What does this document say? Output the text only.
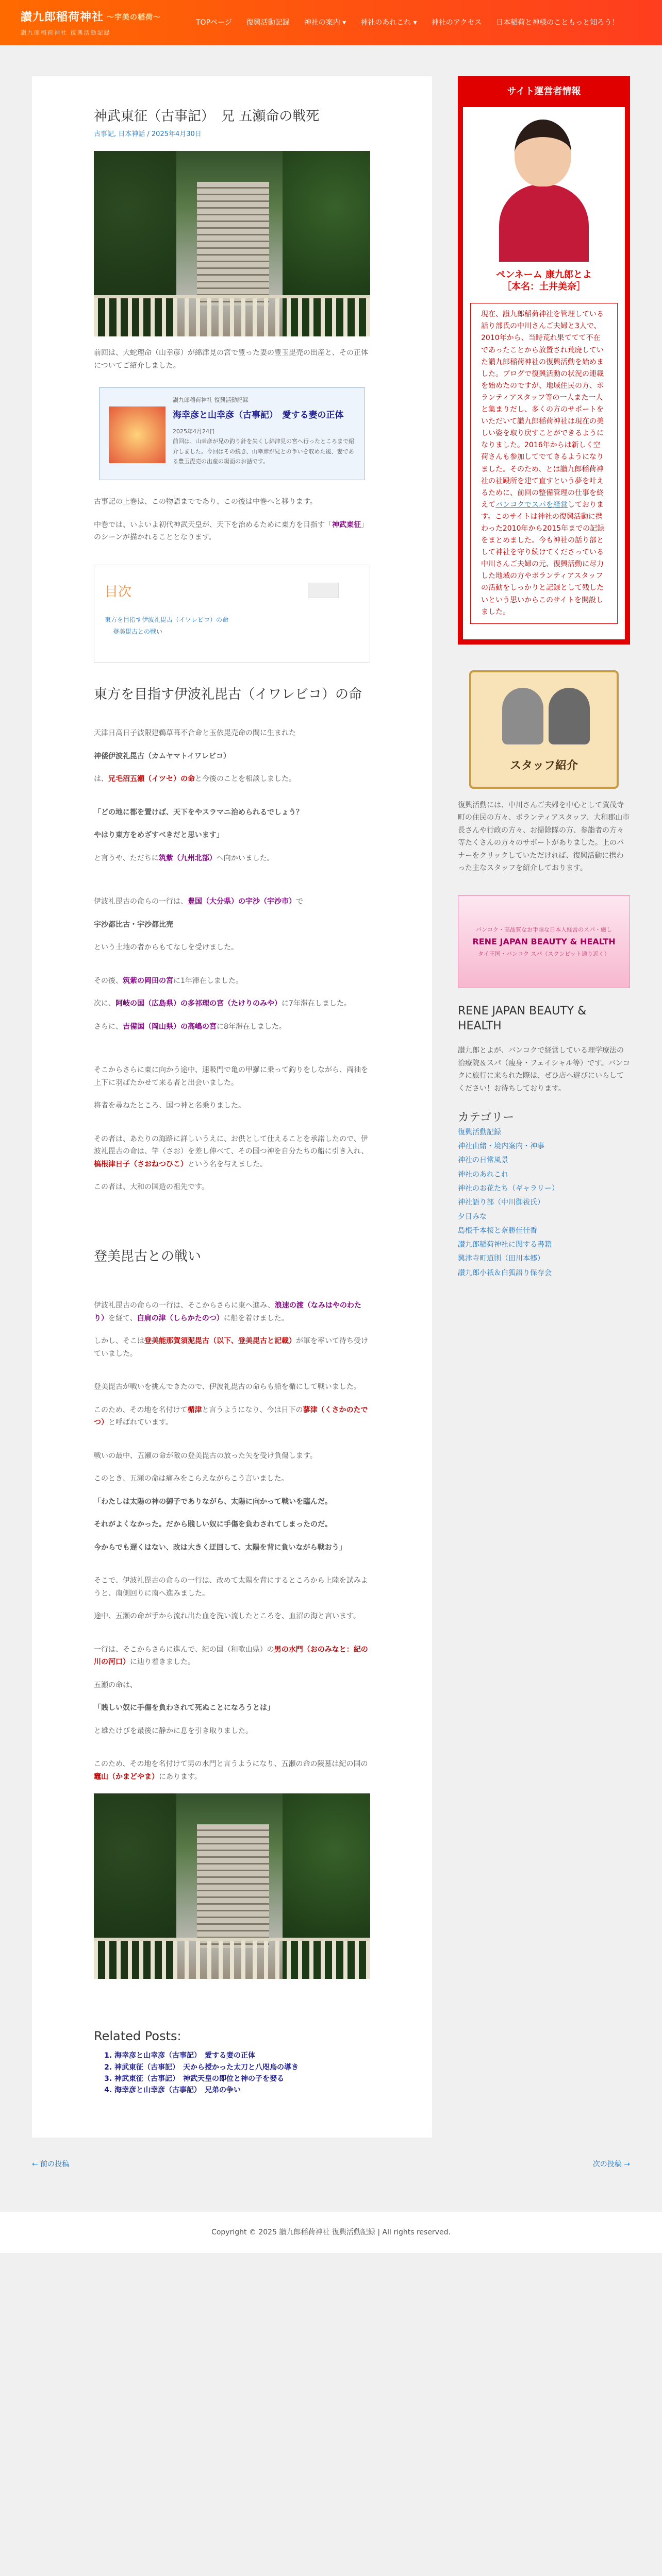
讃九郎稲荷神社 〜宇美の稲荷〜
讃九郎稲荷神社 復興活動記録
TOPページ 復興活動記録 神社の案内 ▾ 神社のあれこれ ▾ 神社のアクセス 日本稲荷と神様のこともっと知ろう！
神武東征（古事記）　兄 五瀬命の戦死
古事記, 日本神話 / 2025年4月30日

前回は、大蛇理命（山幸彦）が綿津見の宮で豊った妻の豊玉毘売の出産と、その正体についてご紹介しました。

讃九郎稲荷神社 復興活動記録
海幸彦と山幸彦（古事記）　愛する妻の正体
2025年4月24日
前回は、山幸彦が兄の釣り針を失くし綿津見の宮へ行ったところまで紹介しました。今回はその続き、山幸彦が兄との争いを収めた後、妻である豊玉毘売の出産の場面のお話です。

古事記の上巻は、この物語までであり、この後は中巻へと移ります。

中巻では、いよいよ初代神武天皇が、天下を治めるために東方を目指す「神武東征」のシーンが描かれることとなります。

目次
東方を目指す伊波礼毘古（イワレビコ）の命
登美毘古との戦い
東方を目指す伊波礼毘古（イワレビコ）の命

天津日高日子波限建鵜草葺不合命と玉依毘売命の間に生まれた

神倭伊波礼毘古（カムヤマトイワレビコ）

は、兄毛沼五瀬（イツセ）の命と今後のことを相談しました。

「どの地に都を置けば、天下をやスラマニ治められるでしょう？

やはり東方をめざすべきだと思います」

と言うや、ただちに筑紫（九州北部）へ向かいました。

伊波礼毘古の命らの一行は、豊国（大分県）の宇沙（宇沙市）で

宇沙都比古・宇沙都比売

という土地の者からもてなしを受けました。

その後、筑紫の岡田の宮に1年滞在しました。

次に、阿岐の国（広島県）の多祁理の宮（たけりのみや）に7年滞在しました。

さらに、吉備国（岡山県）の高嶋の宮に8年滞在しました。

そこからさらに東に向かう途中、速吸門で亀の甲羅に乗って釣りをしながら、両袖を上下に羽ばたかせて来る者と出会いました。

将者を尋ねたところ、国つ神と名乗りました。

その者は、あたりの海路に詳しいうえに、お供として仕えることを承諾したので、伊波礼毘古の命は、竿（さお）を差し伸べて、その国つ神を自分たちの船に引き入れ、槁根津日子（さおねつひこ）という名を与えました。

この者は、大和の国造の祖先です。

登美毘古との戦い

伊波礼毘古の命らの一行は、そこからさらに東へ進み、浪速の渡（なみはやのわたり）を経て、白肩の津（しらかたのつ）に船を着けました。

しかし、そこは登美能那賀須泥毘古（以下、登美毘古と記載）が軍を率いて待ち受けていました。

登美毘古が戦いを挑んできたので、伊波礼毘古の命らも船を楯にして戦いました。

このため、その地を名付けて楯津と言うようになり、今は日下の蓼津（くさかのたでつ）と呼ばれています。

戦いの最中、五瀬の命が敵の登美毘古の放った矢を受け負傷します。

このとき、五瀬の命は痛みをこらえながらこう言いました。

「わたしは太陽の神の御子でありながら、太陽に向かって戦いを臨んだ。

それがよくなかった。だから賎しい奴に手傷を負わされてしまったのだ。

今からでも遅くはない、改は大きく迂回して、太陽を背に負いながら戦おう」

そこで、伊波礼毘古の命らの一行は、改めて太陽を背にするところから上陸を試みようと、南側回りに南へ進みました。

途中、五瀬の命が手から流れ出た血を洗い流したところを、血沼の海と言います。

一行は、そこからさらに進んで、紀の国（和歌山県）の男の水門（おのみなと：紀の川の河口）に辿り着きました。

五瀬の命は、

「賎しい奴に手傷を負わされて死ぬことになろうとは」

と雄たけびを最後に静かに息を引き取りました。

このため、その地を名付けて男の水門と言うようになり、五瀬の命の陵墓は紀の国の竈山（かまどやま）にあります。

Related Posts:
1. 海幸彦と山幸彦（古事記）　愛する妻の正体
2. 神武東征（古事記）　天から授かった太刀と八咫烏の導き
3. 神武東征（古事記）　神武天皇の即位と神の子を娶る
4. 海幸彦と山幸彦（古事記）　兄弟の争い
サイト運営者情報
ペンネーム 康九郎とよ
［本名：土井美奈］
現在、讃九郎稲荷神社を管理している話り部氏の中川さんご夫婦と3人で、2010年から、当時荒れ果ててて不在であったことから放置され荒廃していた讃九郎稲荷神社の復興活動を始めました。ブログで復興活動の状況の連載を始めたのですが、地域住民の方、ボランティアスタッフ等の一人また一人と集まりだし、多くの方のサポートをいただいて讃九郎稲荷神社は現在の美しい姿を取り戻すことができるようになりました。2016年からは新しく空荷さんも参加してでてきるようになりました。そのため、とは讃九郎稲荷神社の社殿所を建て直すという夢を叶えるために、前回の整備管理の仕事を終えてバンコクでスパを経営しております。このサイトは神社の復興活動に携わった2010年から2015年までの記録をまとめました。今も神社の話り部として神社を守り続けてくださっている中川さんご夫婦の元、復興活動に尽力した地域の方やボランティアスタッフの活動をしっかりと記録として残したいという思いからこのサイトを開設しました。
スタッフ紹介

復興活動には、中川さんご夫婦を中心として賀茂寺町の住民の方々、ボランティアスタッフ、大和郡山市長さんや行政の方々、お掃除隊の方、参詣者の方々等たくさんの方々のサポートがありました。上のバナーをクリックしていただければ、復興活動に携わった主なスタッフを紹介しております。

バンコク・高品質なお手頃な日本人経営のスパ・癒し
RENE JAPAN BEAUTY & HEALTH
タイ王国・バンコク スパ（スクンビット通り近く）
RENE JAPAN BEAUTY & HEALTH

讃九郎とよが、バンコクで経営している理学療法の治療院＆スパ（痩身・フェイシャル等）です。バンコクに旅行に来られた際は、ぜひ店へ遊びにいらしてください！お待ちしております。

カテゴリー
復興活動記録
神社由緒・境内案内・神事
神社の日常風景
神社のあれこれ
神社のお花たち（ギャラリー）
神社語り部（中川御祓氏）
夕日みな
島根千本桜と奈勝佳佳香
讃九郎稲荷神社に関する書籍
興津寺町道則（田川本郷）
讃九郎小祇＆白狐語り保存会
← 前の投稿	次の投稿 →
Copyright © 2025 讃九郎稲荷神社 復興活動記録 | All rights reserved.
